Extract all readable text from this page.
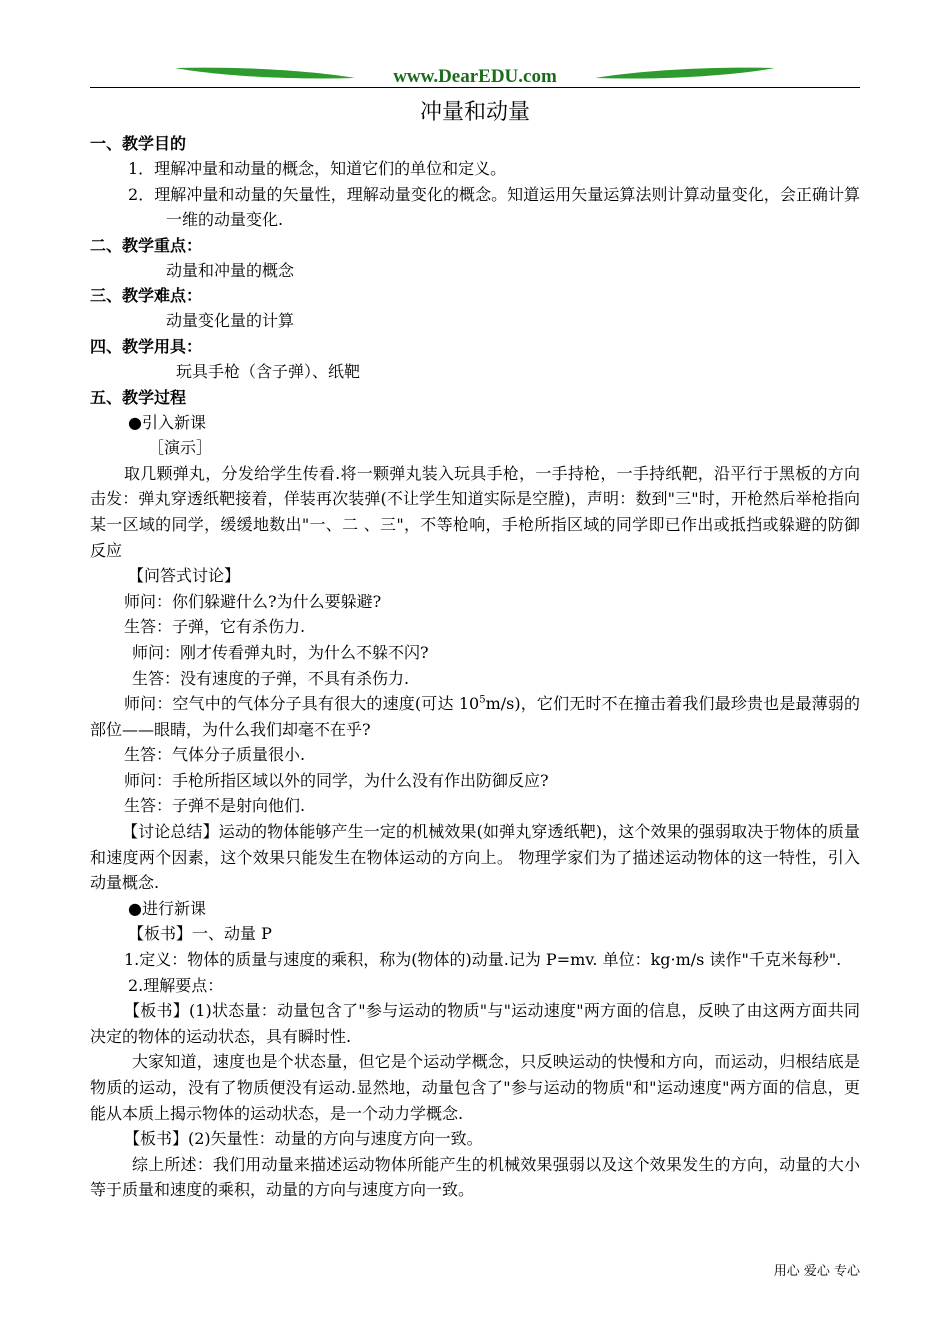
www.DearEDU.com
冲量和动量
一、教学目的
1．理解冲量和动量的概念，知道它们的单位和定义。
2．理解冲量和动量的矢量性，理解动量变化的概念。知道运用矢量运算法则计算动量变化，会正确计算一维的动量变化.
二、教学重点：
动量和冲量的概念
三、教学难点：
动量变化量的计算
四、教学用具：
玩具手枪（含子弹）、纸靶
五、教学过程
●引入新课
［演示］
取几颗弹丸，分发给学生传看.将一颗弹丸装入玩具手枪，一手持枪，一手持纸靶，沿平行于黑板的方向击发：弹丸穿透纸靶接着，佯装再次装弹(不让学生知道实际是空膛)，声明：数到"三"时，开枪然后举枪指向某一区域的同学，缓缓地数出"一、二 、三"，不等枪响，手枪所指区域的同学即已作出或抵挡或躲避的防御反应
【问答式讨论】
师问：你们躲避什么?为什么要躲避?
生答：子弹，它有杀伤力.
师问：刚才传看弹丸时，为什么不躲不闪?
生答：没有速度的子弹，不具有杀伤力.
师问：空气中的气体分子具有很大的速度(可达 $10^5m/s$)，它们无时不在撞击着我们最珍贵也是最薄弱的部位——眼睛，为什么我们却毫不在乎?
生答：气体分子质量很小.
师问：手枪所指区域以外的同学，为什么没有作出防御反应?
生答：子弹不是射向他们.
【讨论总结】运动的物体能够产生一定的机械效果(如弹丸穿透纸靶)，这个效果的强弱取决于物体的质量和速度两个因素，这个效果只能发生在物体运动的方向上。 物理学家们为了描述运动物体的这一特性，引入动量概念.
●进行新课
【板书】一、动量 P
1.定义：物体的质量与速度的乘积，称为(物体的)动量.记为 P=mv. 单位：kg·m/s 读作"千克米每秒".
2.理解要点：
【板书】(1)状态量：动量包含了"参与运动的物质"与"运动速度"两方面的信息，反映了由这两方面共同决定的物体的运动状态，具有瞬时性.
大家知道，速度也是个状态量，但它是个运动学概念，只反映运动的快慢和方向，而运动，归根结底是物质的运动，没有了物质便没有运动.显然地，动量包含了"参与运动的物质"和"运动速度"两方面的信息，更能从本质上揭示物体的运动状态，是一个动力学概念.
【板书】(2)矢量性：动量的方向与速度方向一致。
综上所述：我们用动量来描述运动物体所能产生的机械效果强弱以及这个效果发生的方向，动量的大小等于质量和速度的乘积，动量的方向与速度方向一致。
用心 爱心 专心
